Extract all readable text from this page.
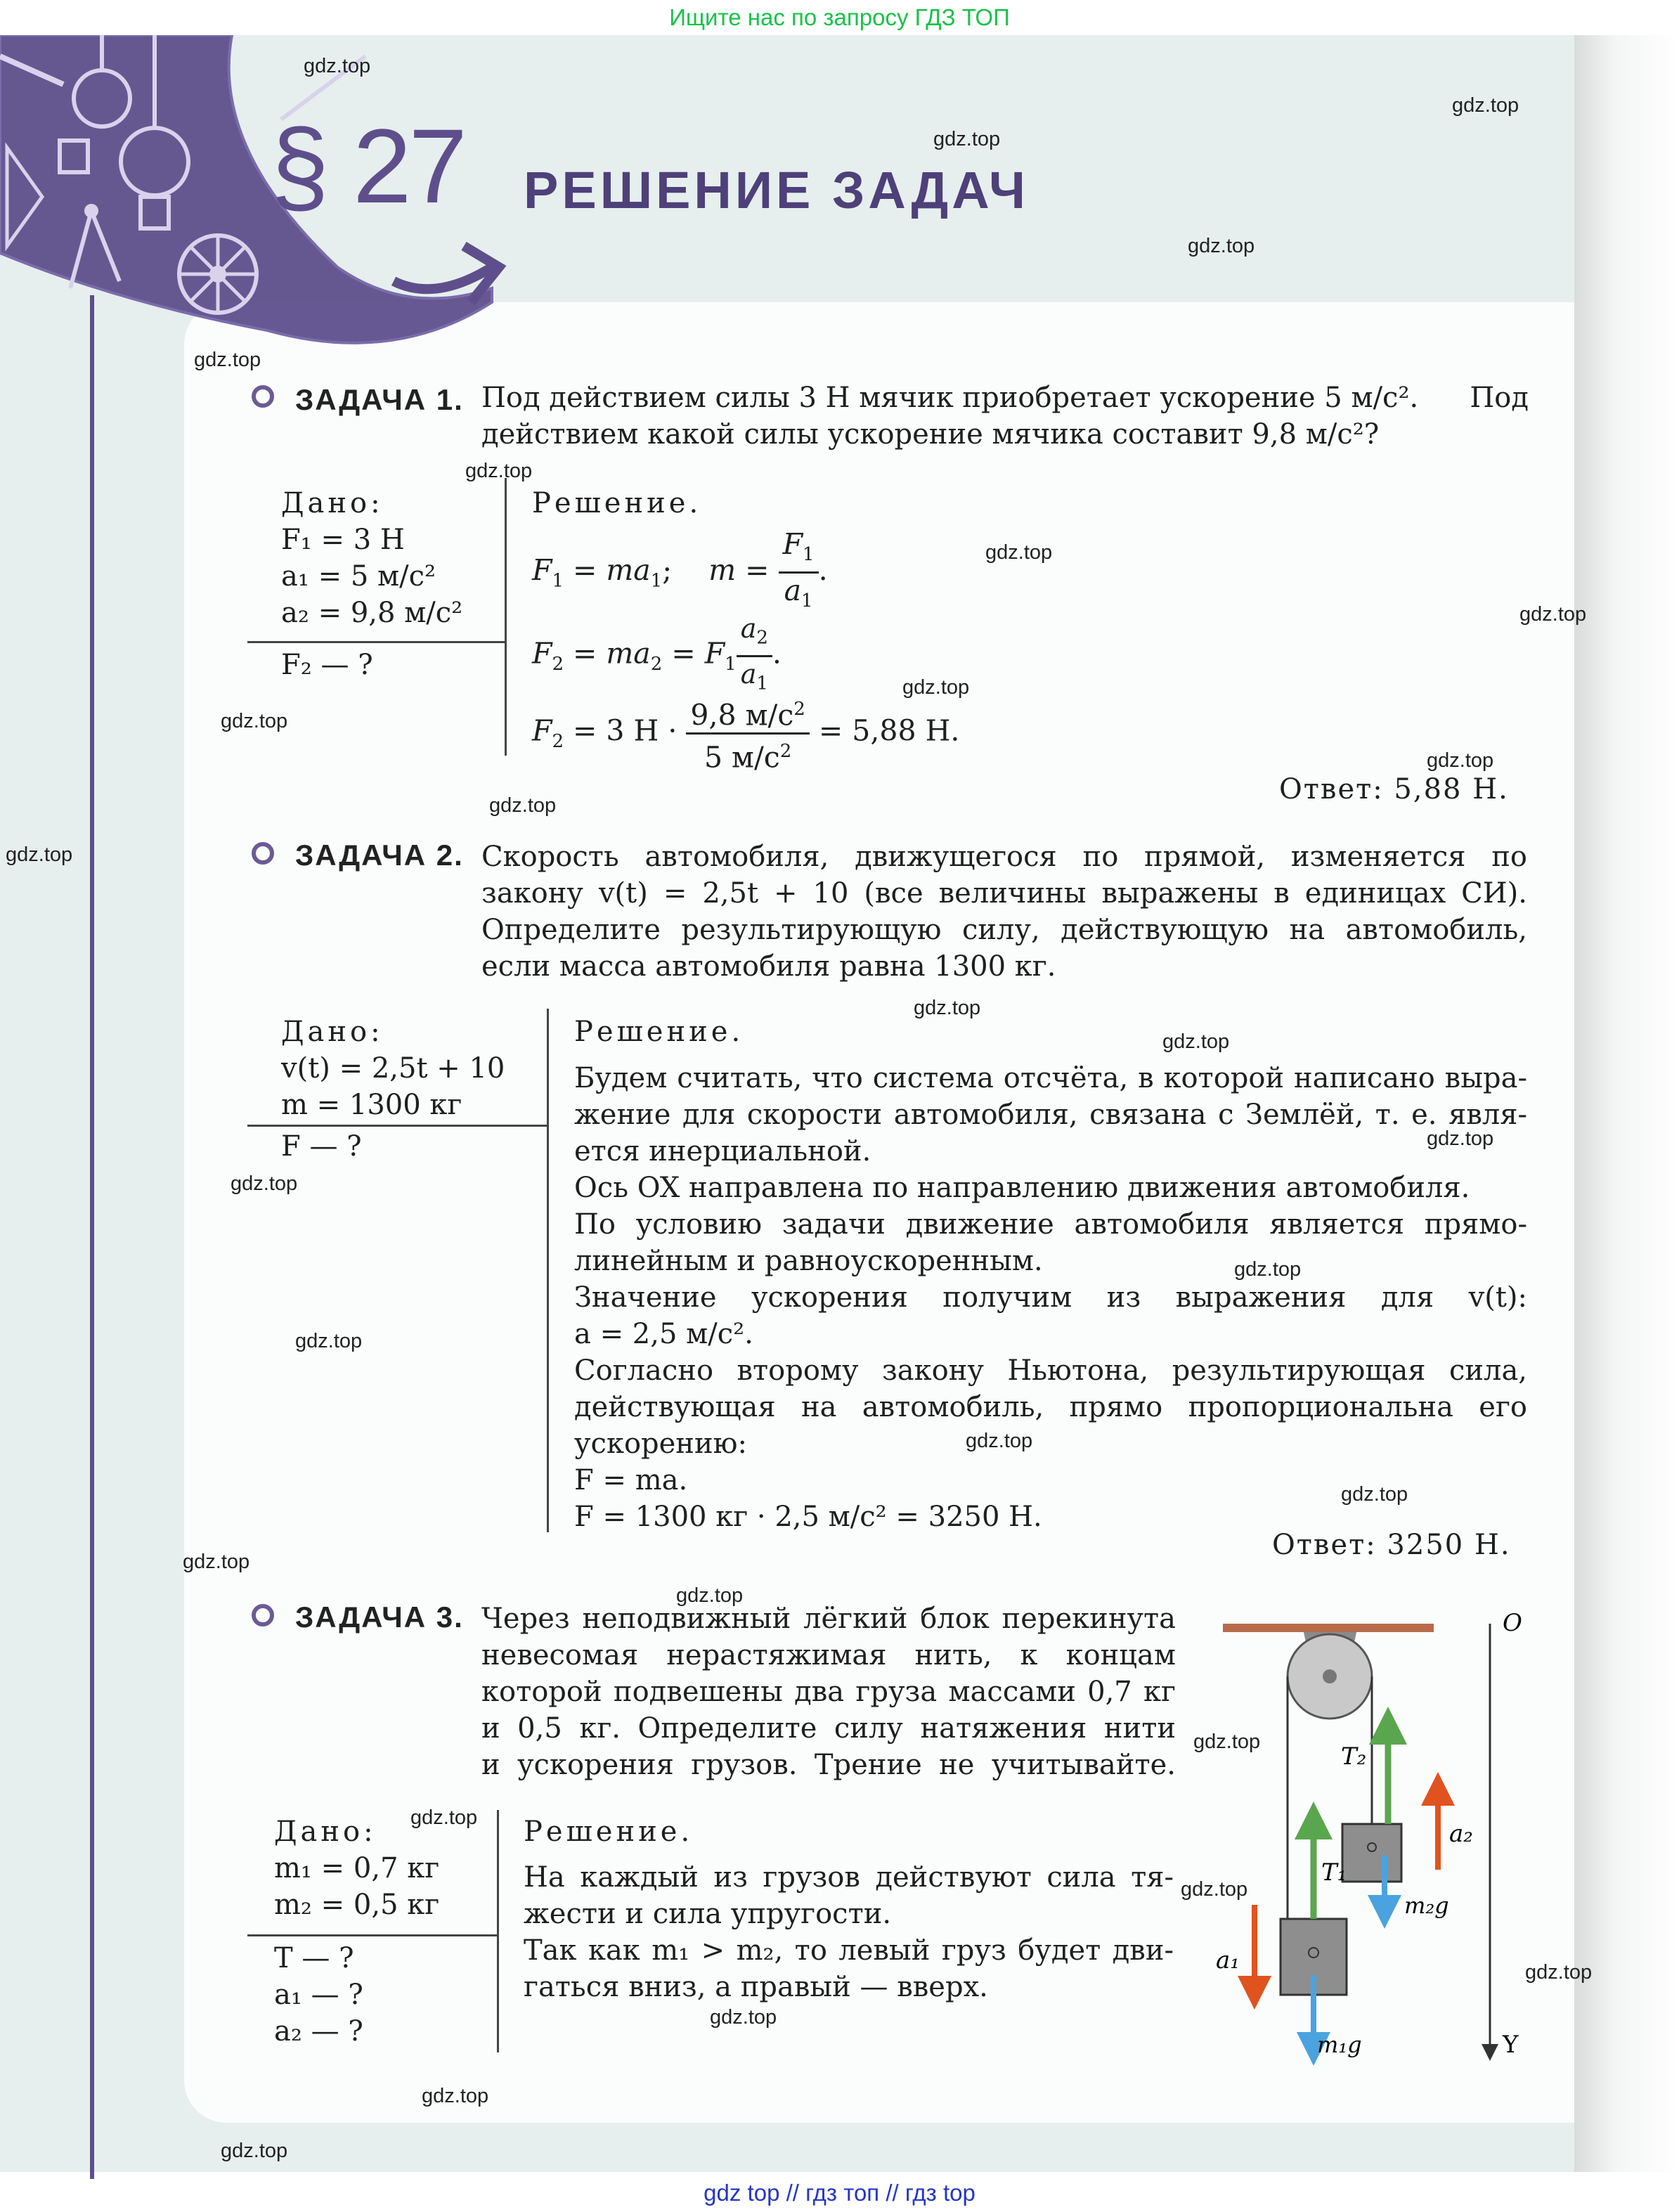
Ищите нас по запросу ГДЗ ТОП
gdz top // гдз топ // гдз top
§ 27 РЕШЕНИЕ ЗАДАЧ
ЗАДАЧА 1. Под действием силы 3 Н мячик приобретает ускорение 5 м/с². Под
действием какой силы ускорение мячика составит 9,8 м/с²?
Дано:
F₁ = 3 Н
a₁ = 5 м/с²
a₂ = 9,8 м/с²
F₂ — ?
Решение.
$F_1 = ma_1$;    $m = \frac{F_1}{a_1}$ .
$F_2 = ma_2 = F_1 \frac{a_2}{a_1}$ .
$F_2 = 3$ $Н \cdot \frac{9,8 м/с^2}{5 м/с^2} = 5,88$ Н.
Ответ: 5,88 Н.
ЗАДАЧА 2. Скорость автомобиля, движущегося по прямой, изменяется по
закону v(t) = 2,5t + 10 (все величины выражены в единицах СИ).
Определите результирующую силу, действующую на автомобиль,
если масса автомобиля равна 1300 кг.
Дано:
v(t) = 2,5t + 10
m = 1300 кг
F — ?
Решение.
Будем считать, что система отсчёта, в которой написано выра-
жение для скорости автомобиля, связана с Землёй, т. е. явля-
ется инерциальной.
Ось OX направлена по направлению движения автомобиля.
По условию задачи движение автомобиля является прямо-
линейным и равноускоренным.
Значение ускорения получим из выражения для v(t):
a = 2,5 м/с².
Согласно второму закону Ньютона, результирующая сила,
действующая на автомобиль, прямо пропорциональна его
ускорению:
F = ma.
F = 1300 кг · 2,5 м/с² = 3250 Н.
Ответ: 3250 Н.
ЗАДАЧА 3. Через неподвижный лёгкий блок перекинута
невесомая нерастяжимая нить, к концам
которой подвешены два груза массами 0,7 кг
и 0,5 кг. Определите силу натяжения нити
и ускорения грузов. Трение не учитывайте.
Дано:
m₁ = 0,7 кг
m₂ = 0,5 кг
T — ?
a₁ — ?
a₂ — ?
Решение.
На каждый из грузов действуют сила тя-
жести и сила упругости.
Так как m₁ > m₂, то левый груз будет дви-
гаться вниз, а правый — вверх.
O
Y
T₂
T₁
a₂
a₁
m₂g
m₁g
gdz.top
gdz.top
gdz.top
gdz.top
gdz.top
gdz.top
gdz.top
gdz.top
gdz.top
gdz.top
gdz.top
gdz.top
gdz.top
gdz.top
gdz.top
gdz.top
gdz.top
gdz.top
gdz.top
gdz.top
gdz.top
gdz.top
gdz.top
gdz.top
gdz.top
gdz.top
gdz.top
gdz.top
gdz.top
gdz.top
